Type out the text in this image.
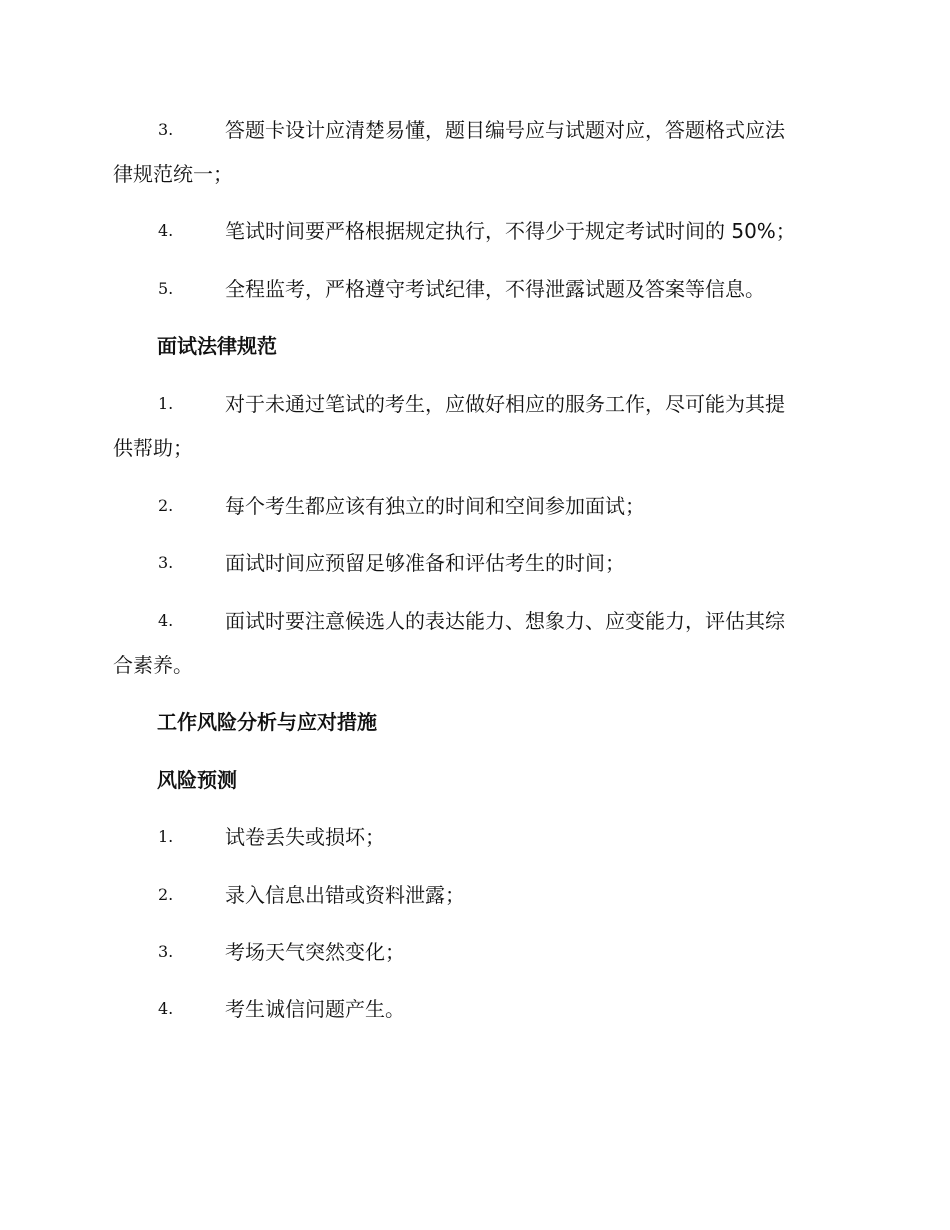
3.	答题卡设计应清楚易懂，题目编号应与试题对应，答题格式应法
律规范统一；
4.	笔试时间要严格根据规定执行，不得少于规定考试时间的 50%；
5.	全程监考，严格遵守考试纪律，不得泄露试题及答案等信息。
面试法律规范
1.	对于未通过笔试的考生，应做好相应的服务工作，尽可能为其提
供帮助；
2.	每个考生都应该有独立的时间和空间参加面试；
3.	面试时间应预留足够准备和评估考生的时间；
4.	面试时要注意候选人的表达能力、想象力、应变能力，评估其综
合素养。
工作风险分析与应对措施
风险预测
1.	试卷丢失或损坏；
2.	录入信息出错或资料泄露；
3.	考场天气突然变化；
4.	考生诚信问题产生。
